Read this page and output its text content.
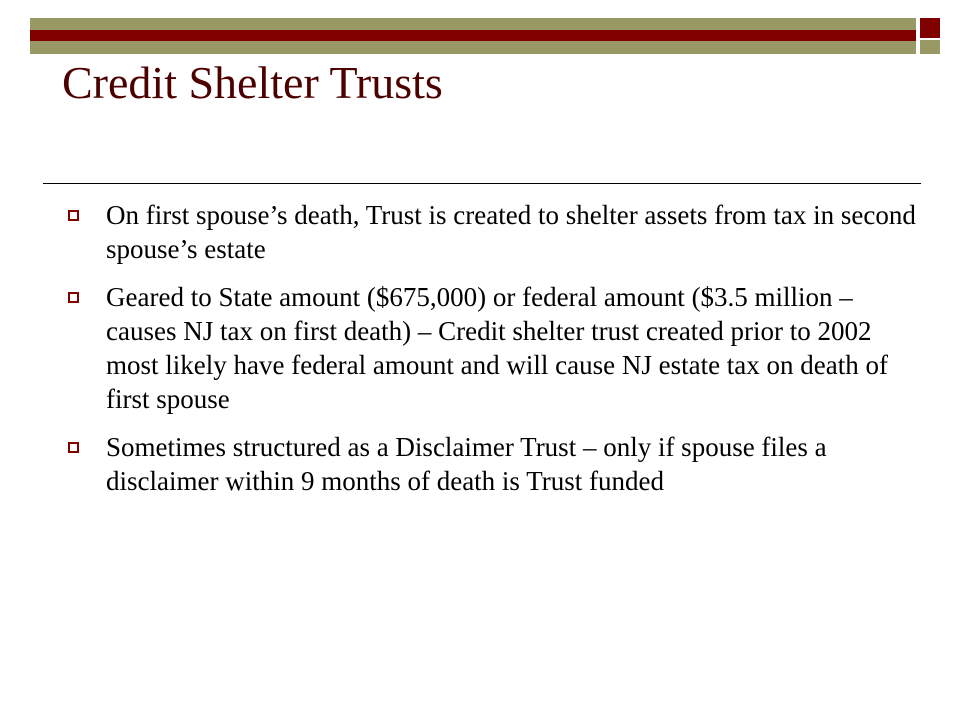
Credit Shelter Trusts
On first spouse’s death, Trust is created to shelter assets from tax in second spouse’s estate
Geared to State amount ($675,000) or federal amount ($3.5 million – causes NJ tax on first death) – Credit shelter trust created prior to 2002 most likely have federal amount and will cause NJ estate tax on death of first spouse
Sometimes structured as a Disclaimer Trust – only if spouse files a disclaimer within 9 months of death is Trust funded
